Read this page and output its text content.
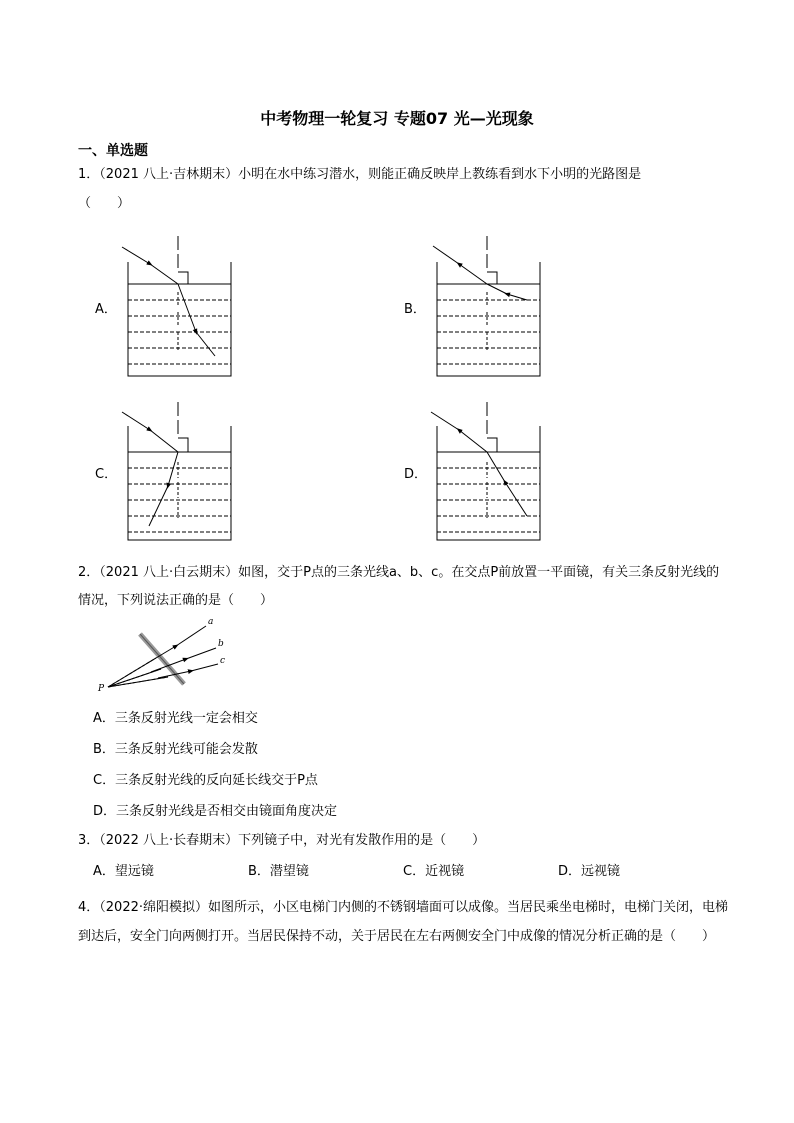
中考物理一轮复习 专题07 光—光现象
一、单选题
1．（2021 八上·吉林期末）小明在水中练习潜水，则能正确反映岸上教练看到水下小明的光路图是
（　　）
A．	B．
C．	D．
2．（2021 八上·白云期末）如图，交于P点的三条光线a、b、c。在交点P前放置一平面镜，有关三条反射光线的情况，下列说法正确的是（　　）
a
b
c
P
A．三条反射光线一定会相交
B．三条反射光线可能会发散
C．三条反射光线的反向延长线交于P点
D．三条反射光线是否相交由镜面角度决定
3．（2022 八上·长春期末）下列镜子中，对光有发散作用的是（　　）
A．望远镜	B．潜望镜	C．近视镜	D．远视镜
4．（2022·绵阳模拟）如图所示，小区电梯门内侧的不锈钢墙面可以成像。当居民乘坐电梯时，电梯门关闭，电梯到达后，安全门向两侧打开。当居民保持不动，关于居民在左右两侧安全门中成像的情况分析正确的是（　　）
